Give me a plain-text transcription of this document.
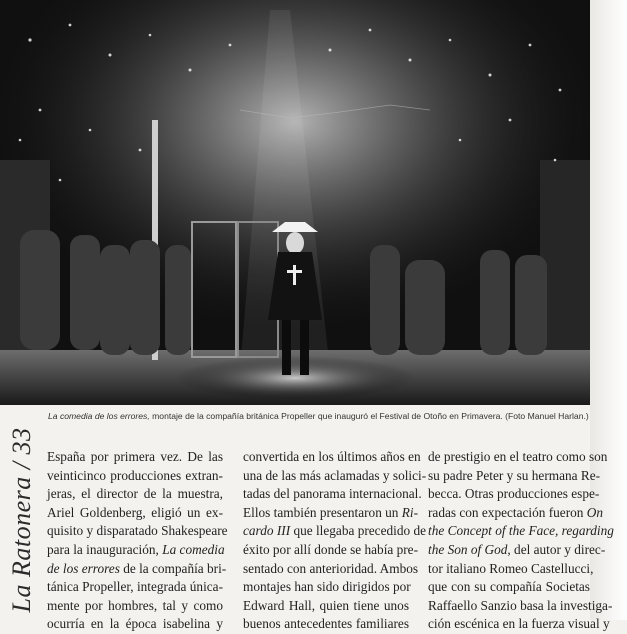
La comedia de los errores, montaje de la compañía británica Propeller que inauguró el Festival de Otoño en Primavera. (Foto Manuel Harlan.)
La Ratonera / 33 España por primera vez. De las
veinticinco producciones extran-
jeras, el director de la muestra,
Ariel Goldenberg, eligió un ex-
quisito y disparatado Shakespeare
para la inauguración, La comedia
de los errores de la compañía bri-
tánica Propeller, integrada única-
mente por hombres, tal y como
ocurría en la época isabelina y
convertida en los últimos años en
una de las más aclamadas y solici-
tadas del panorama internacional.
Ellos también presentaron un Ri-
cardo III que llegaba precedido de
éxito por allí donde se había pre-
sentado con anterioridad. Ambos
montajes han sido dirigidos por
Edward Hall, quien tiene unos
buenos antecedentes familiares
de prestigio en el teatro como son
su padre Peter y su hermana Re-
becca. Otras producciones espe-
radas con expectación fueron On
the Concept of the Face, regarding
the Son of God, del autor y direc-
tor italiano Romeo Castellucci,
que con su compañía Societas
Raffaello Sanzio basa la investiga-
ción escénica en la fuerza visual y
